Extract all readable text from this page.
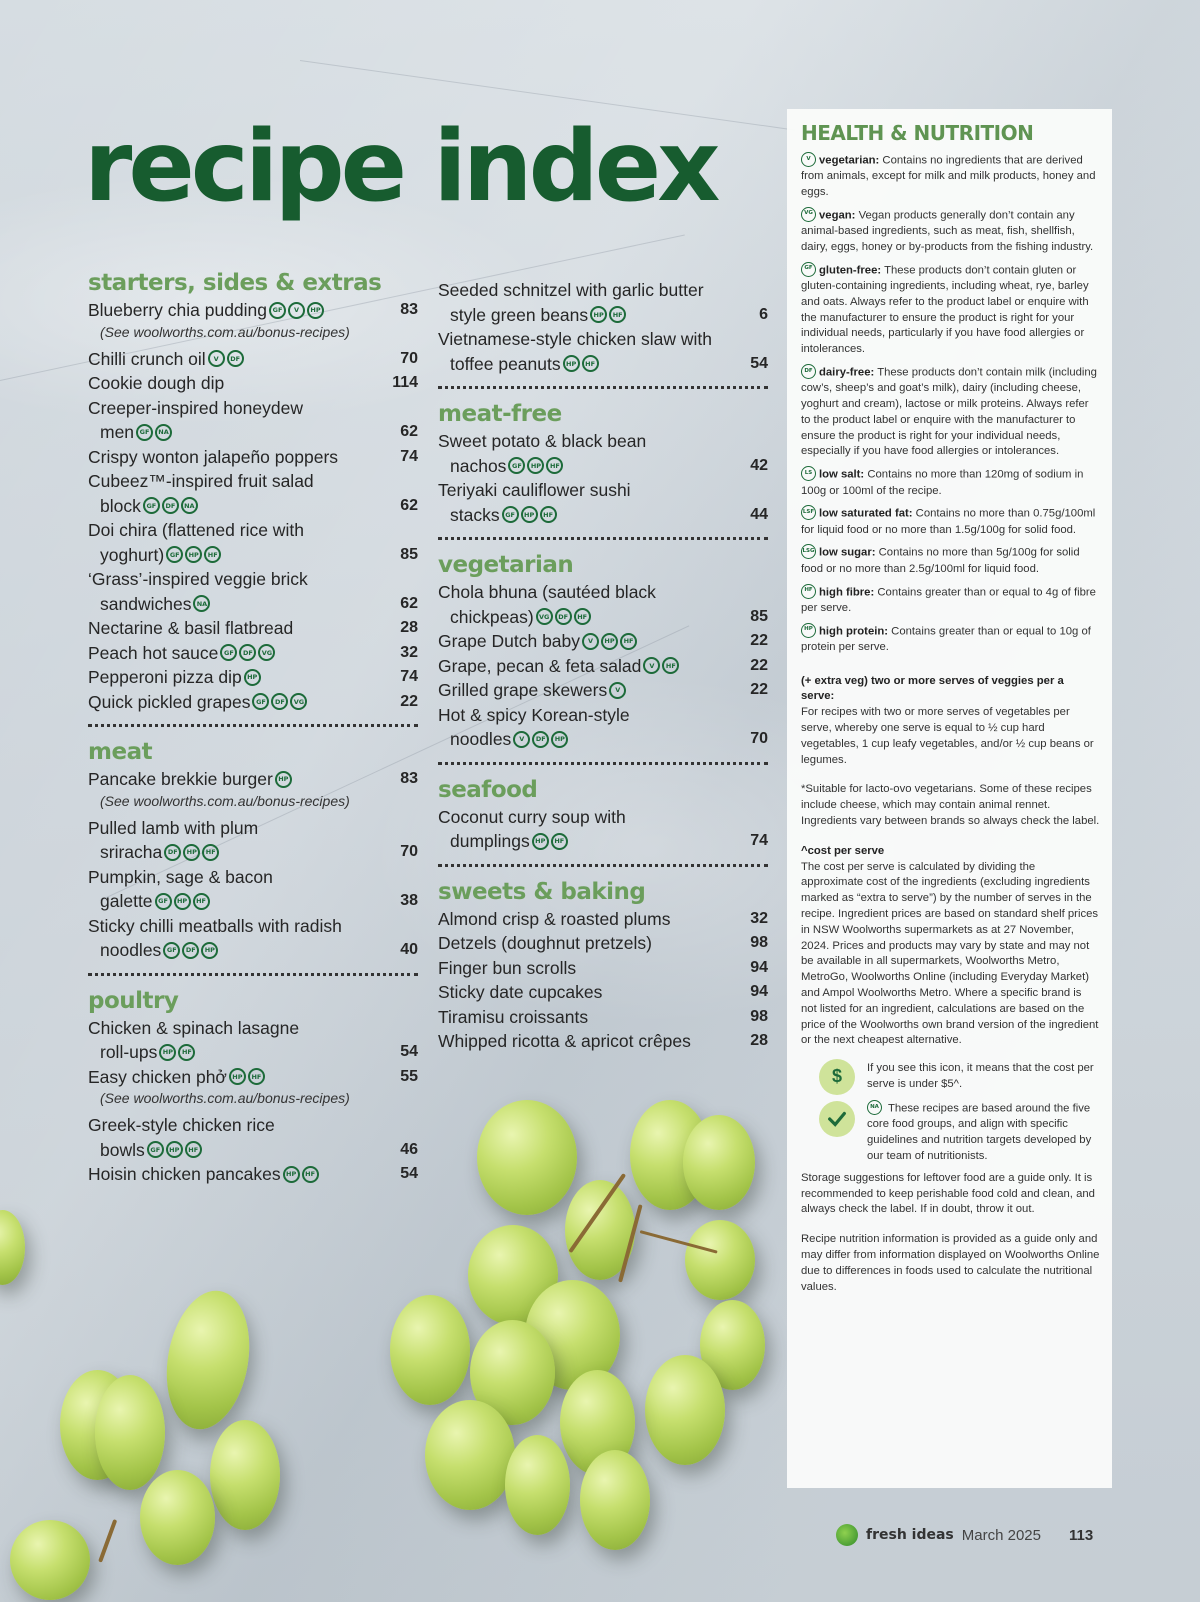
recipe index
starters, sides & extras
Blueberry chia pudding GF V HP	83
(See woolworths.com.au/bonus-recipes)
Chilli crunch oil V DF	70
Cookie dough dip	114
Creeper-inspired honeydew
men GF NA	62
Crispy wonton jalapeño poppers	74
Cubeez™-inspired fruit salad
block GF DF NA	62
Doi chira (flattened rice with
yoghurt) GF HP HF	85
‘Grass’-inspired veggie brick
sandwiches NA	62
Nectarine & basil flatbread	28
Peach hot sauce GF DF VG	32
Pepperoni pizza dip HP	74
Quick pickled grapes GF DF VG	22
meat
Pancake brekkie burger HP	83
(See woolworths.com.au/bonus-recipes)
Pulled lamb with plum
sriracha DF HP HF	70
Pumpkin, sage & bacon
galette GF HP HF	38
Sticky chilli meatballs with radish
noodles GF DF HP	40
poultry
Chicken & spinach lasagne
roll-ups HP HF	54
Easy chicken phở HP HF	55
(See woolworths.com.au/bonus-recipes)
Greek-style chicken rice
bowls GF HP HF	46
Hoisin chicken pancakes HP HF	54
Seeded schnitzel with garlic butter
style green beans HP HF	6
Vietnamese-style chicken slaw with
toffee peanuts HP HF	54
meat-free
Sweet potato & black bean
nachos GF HP HF	42
Teriyaki cauliflower sushi
stacks GF HP HF	44
vegetarian
Chola bhuna (sautéed black
chickpeas) VG DF HF	85
Grape Dutch baby V HP HF	22
Grape, pecan & feta salad V HF	22
Grilled grape skewers V	22
Hot & spicy Korean-style
noodles V DF HP	70
seafood
Coconut curry soup with
dumplings HP HF	74
sweets & baking
Almond crisp & roasted plums	32
Detzels (doughnut pretzels)	98
Finger bun scrolls	94
Sticky date cupcakes	94
Tiramisu croissants	98
Whipped ricotta & apricot crêpes	28
HEALTH & NUTRITION
V vegetarian: Contains no ingredients that are derived from animals, except for milk and milk products, honey and eggs.
VG vegan: Vegan products generally don’t contain any animal-based ingredients, such as meat, fish, shellfish, dairy, eggs, honey or by-products from the fishing industry.
GF gluten-free: These products don’t contain gluten or gluten-containing ingredients, including wheat, rye, barley and oats. Always refer to the product label or enquire with the manufacturer to ensure the product is right for your individual needs, particularly if you have food allergies or intolerances.
DF dairy-free: These products don’t contain milk (including cow’s, sheep’s and goat’s milk), dairy (including cheese, yoghurt and cream), lactose or milk proteins. Always refer to the product label or enquire with the manufacturer to ensure the product is right for your individual needs, especially if you have food allergies or intolerances.
LS low salt: Contains no more than 120mg of sodium in 100g or 100ml of the recipe.
LSF low saturated fat: Contains no more than 0.75g/100ml for liquid food or no more than 1.5g/100g for solid food.
LSG low sugar: Contains no more than 5g/100g for solid food or no more than 2.5g/100ml for liquid food.
HF high fibre: Contains greater than or equal to 4g of fibre per serve.
HP high protein: Contains greater than or equal to 10g of protein per serve.
(+ extra veg) two or more serves of veggies per a serve:
For recipes with two or more serves of vegetables per serve, whereby one serve is equal to ½ cup hard vegetables, 1 cup leafy vegetables, and/or ½ cup beans or legumes.
*Suitable for lacto-ovo vegetarians. Some of these recipes include cheese, which may contain animal rennet. Ingredients vary between brands so always check the label.
^cost per serve
The cost per serve is calculated by dividing the approximate cost of the ingredients (excluding ingredients marked as “extra to serve”) by the number of serves in the recipe. Ingredient prices are based on standard shelf prices in NSW Woolworths supermarkets as at 27 November, 2024. Prices and products may vary by state and may not be available in all supermarkets, Woolworths Metro, MetroGo, Woolworths Online (including Everyday Market) and Ampol Woolworths Metro. Where a specific brand is not listed for an ingredient, calculations are based on the price of the Woolworths own brand version of the ingredient or the next cheapest alternative.
$	If you see this icon, it means that the cost per serve is under $5^.
NA These recipes are based around the five core food groups, and align with specific guidelines and nutrition targets developed by our team of nutritionists.
Storage suggestions for leftover food are a guide only. It is recommended to keep perishable food cold and clean, and always check the label. If in doubt, throw it out.
Recipe nutrition information is provided as a guide only and may differ from information displayed on Woolworths Online due to differences in foods used to calculate the nutritional values.
fresh ideas March 2025 113
